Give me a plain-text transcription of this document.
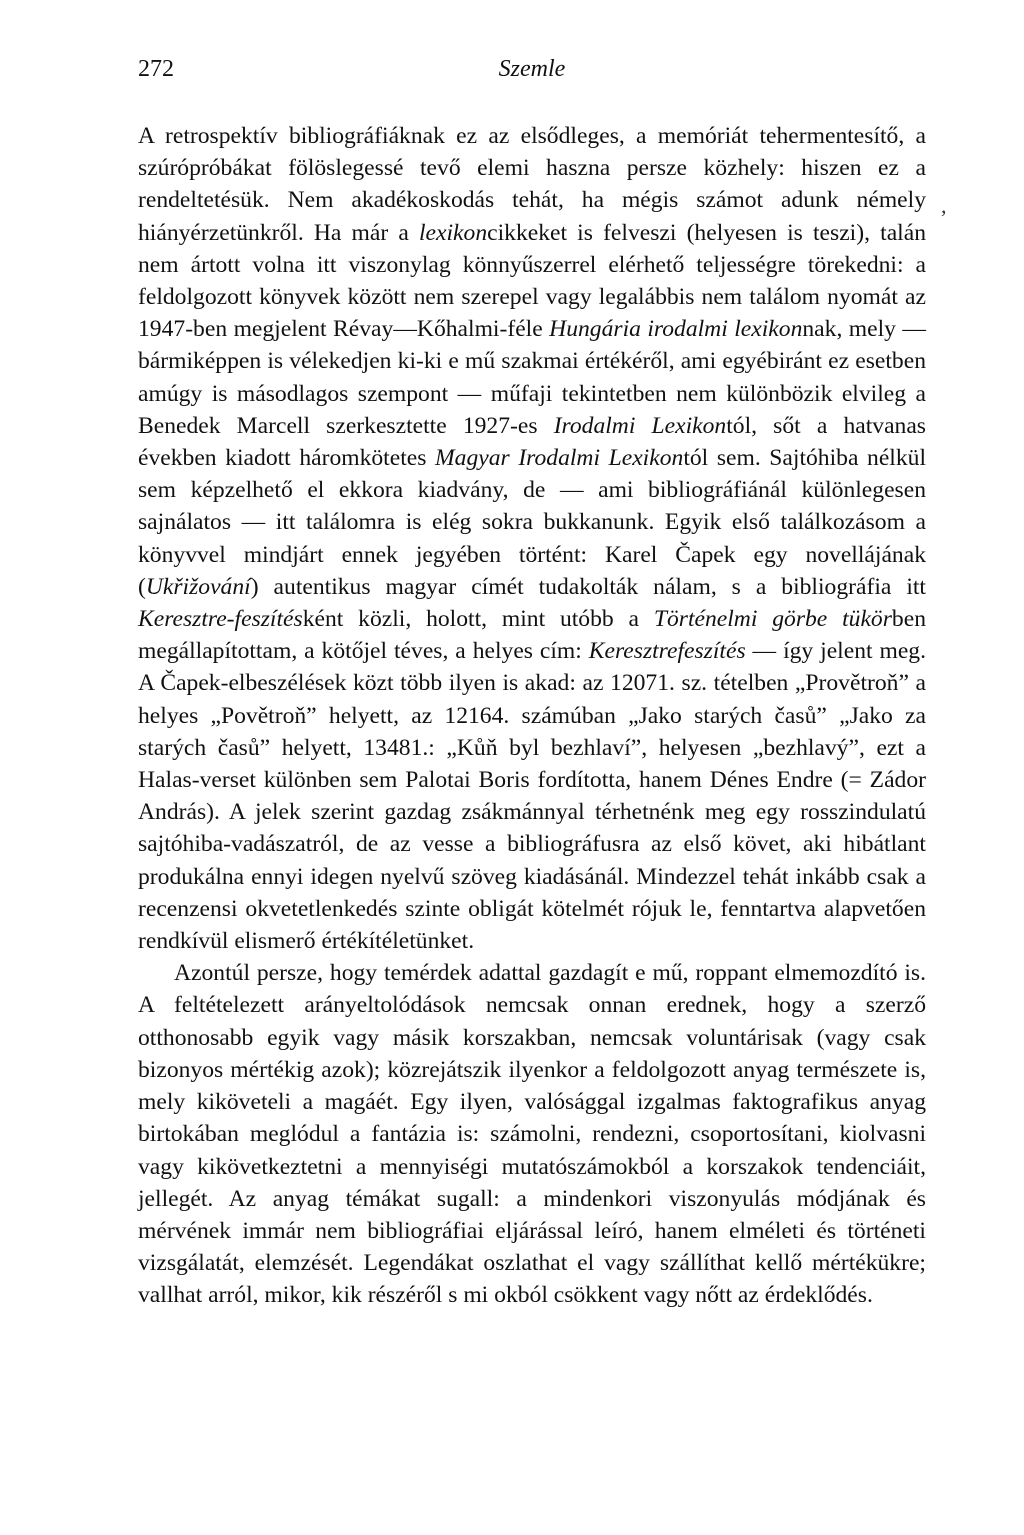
272	Szemle
,

A retrospektív bibliográfiáknak ez az elsődleges, a memóriát tehermentesítő, a szúrópróbákat fölöslegessé tevő elemi haszna persze közhely: hiszen ez a rendeltetésük. Nem akadékoskodás tehát, ha mégis számot adunk némely hiányérzetünkről. Ha már a lexikoncikkeket is felveszi (helyesen is teszi), talán nem ártott volna itt viszonylag könnyűszerrel elérhető teljességre törekedni: a feldolgozott könyvek között nem szerepel vagy legalábbis nem találom nyomát az 1947-ben megjelent Révay—Kőhalmi-féle Hungária irodalmi lexikonnak, mely — bármiképpen is vélekedjen ki-ki e mű szakmai értékéről, ami egyébiránt ez esetben amúgy is másodlagos szempont — műfaji tekintetben nem különbözik elvileg a Benedek Marcell szerkesztette 1927-es Irodalmi Lexikontól, sőt a hatvanas években kiadott háromkötetes Magyar Irodalmi Lexikontól sem. Sajtóhiba nélkül sem képzelhető el ekkora kiadvány, de — ami bibliográfiánál különlegesen sajnálatos — itt találomra is elég sokra bukkanunk. Egyik első találkozásom a könyvvel mindjárt ennek jegyében történt: Karel Čapek egy novellájának (Ukřižování) autentikus magyar címét tudakolták nálam, s a bibliográfia itt Keresztre-feszítésként közli, holott, mint utóbb a Történelmi görbe tükörben megállapítottam, a kötőjel téves, a helyes cím: Keresztrefeszítés — így jelent meg. A Čapek-elbeszélések közt több ilyen is akad: az 12071. sz. tételben „Provětroň” a helyes „Povětroň” helyett, az 12164. számúban „Jako starých časů” „Jako za starých časů” helyett, 13481.: „Kůň byl bezhlaví”, helyesen „bezhlavý”, ezt a Halas-verset különben sem Palotai Boris fordította, hanem Dénes Endre (= Zádor András). A jelek szerint gazdag zsákmánnyal térhetnénk meg egy rosszindulatú sajtóhiba-vadászatról, de az vesse a bibliográfusra az első követ, aki hibátlant produkálna ennyi idegen nyelvű szöveg kiadásánál. Mindezzel tehát inkább csak a recenzensi okvetetlenkedés szinte obligát kötelmét rójuk le, fenntartva alapvetően rendkívül elismerő értékítéletünket.

Azontúl persze, hogy temérdek adattal gazdagít e mű, roppant elmemozdító is. A feltételezett arányeltolódások nemcsak onnan erednek, hogy a szerző otthonosabb egyik vagy másik korszakban, nemcsak voluntárisak (vagy csak bizonyos mértékig azok); közrejátszik ilyenkor a feldolgozott anyag természete is, mely kiköveteli a magáét. Egy ilyen, valósággal izgalmas faktografikus anyag birtokában meglódul a fantázia is: számolni, rendezni, csoportosítani, kiolvasni vagy kikövetkeztetni a mennyiségi mutatószámokból a korszakok tendenciáit, jellegét. Az anyag témákat sugall: a mindenkori viszonyulás módjának és mérvének immár nem bibliográfiai eljárással leíró, hanem elméleti és történeti vizsgálatát, elemzését. Legendákat oszlathat el vagy szállíthat kellő mértékükre; vallhat arról, mikor, kik részéről s mi okból csökkent vagy nőtt az érdeklődés.
